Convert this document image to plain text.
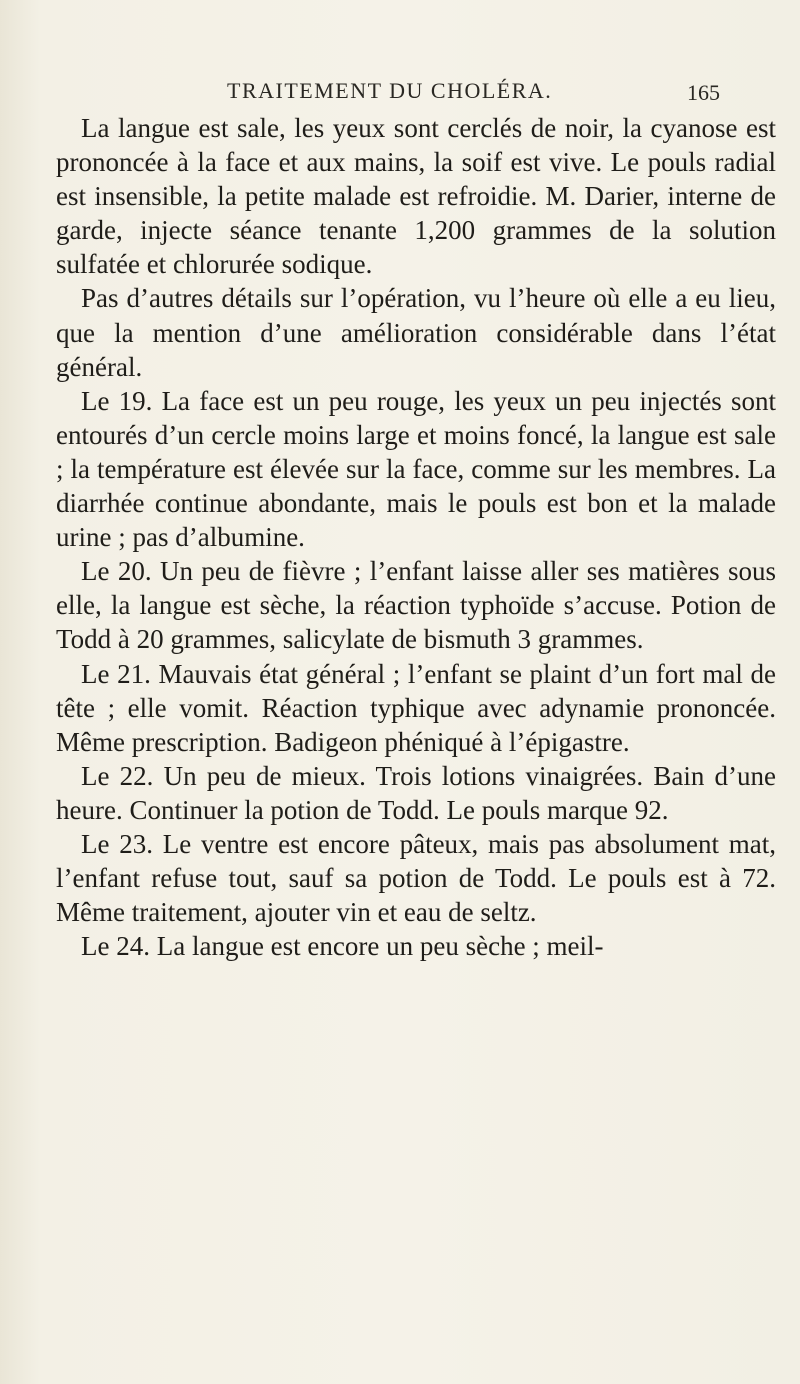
TRAITEMENT DU CHOLÉRA.	165

La langue est sale, les yeux sont cerclés de noir, la cyanose est prononcée à la face et aux mains, la soif est vive. Le pouls radial est insensible, la petite malade est refroidie. M. Darier, interne de garde, injecte séance tenante 1,200 grammes de la solution sulfatée et chlorurée sodique.

Pas d’autres détails sur l’opération, vu l’heure où elle a eu lieu, que la mention d’une amélioration considérable dans l’état général.

Le 19. La face est un peu rouge, les yeux un peu injectés sont entourés d’un cercle moins large et moins foncé, la langue est sale ; la température est élevée sur la face, comme sur les membres. La diarrhée continue abondante, mais le pouls est bon et la malade urine ; pas d’albumine.

Le 20. Un peu de fièvre ; l’enfant laisse aller ses matières sous elle, la langue est sèche, la réaction typhoïde s’accuse. Potion de Todd à 20 grammes, salicylate de bismuth 3 grammes.

Le 21. Mauvais état général ; l’enfant se plaint d’un fort mal de tête ; elle vomit. Réaction typhique avec adynamie prononcée. Même prescription. Badigeon phéniqué à l’épigastre.

Le 22. Un peu de mieux. Trois lotions vinaigrées. Bain d’une heure. Continuer la potion de Todd. Le pouls marque 92.

Le 23. Le ventre est encore pâteux, mais pas absolument mat, l’enfant refuse tout, sauf sa potion de Todd. Le pouls est à 72. Même traitement, ajouter vin et eau de seltz.

Le 24. La langue est encore un peu sèche ; meil-
